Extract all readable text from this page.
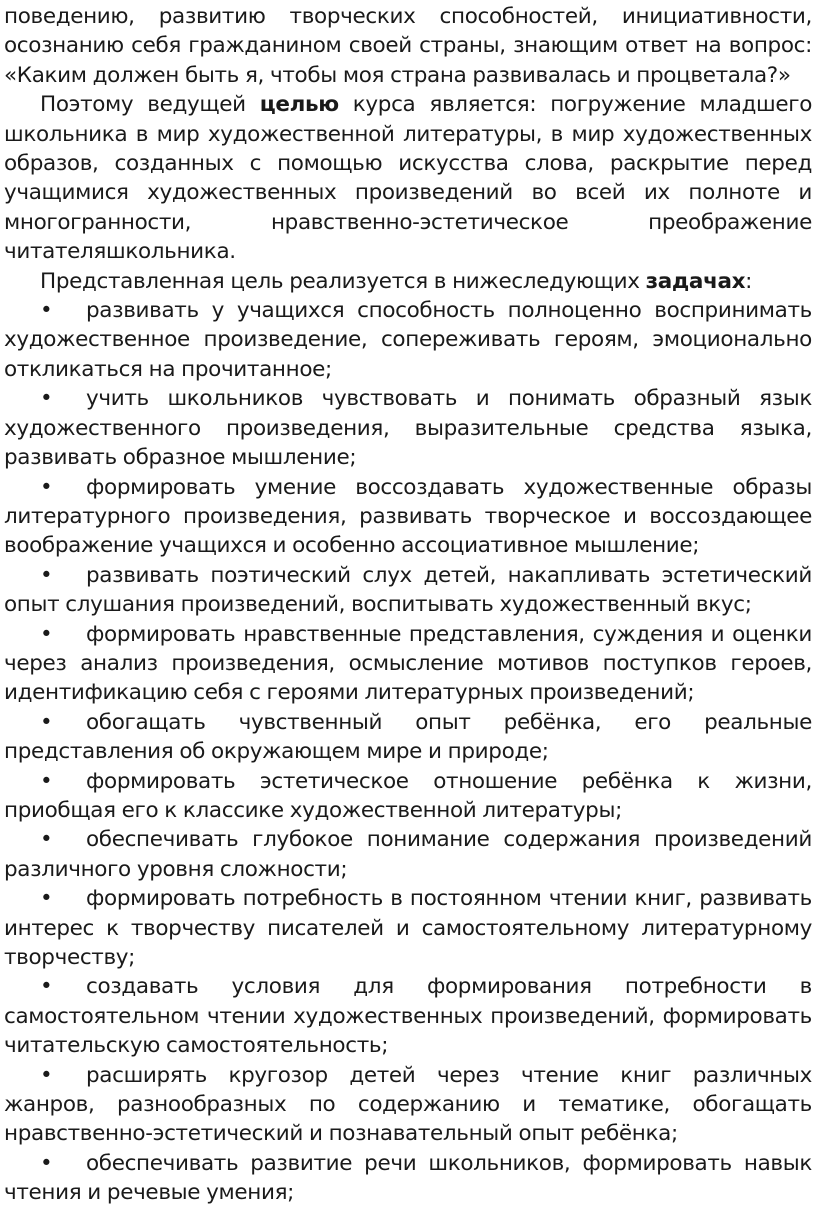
поведению, развитию творческих способностей, инициативности, осознанию себя гражданином своей страны, знающим ответ на вопрос: «Каким должен быть я, чтобы моя страна развивалась и процветала?»

Поэтому ведущей целью курса является: погружение младшего школьника в мир художественной литературы, в мир художественных образов, созданных с помощью искусства слова, раскрытие перед учащимися художественных произведений во всей их полноте и многогранности, нравственно-эстетическое преображение читателяшкольника.

Представленная цель реализуется в нижеследующих задачах:

• развивать у учащихся способность полноценно воспринимать художественное произведение, сопереживать героям, эмоционально откликаться на прочитанное;

• учить школьников чувствовать и понимать образный язык художественного произведения, выразительные средства языка, развивать образное мышление;

• формировать умение воссоздавать художественные образы литературного произведения, развивать творческое и воссоздающее воображение учащихся и особенно ассоциативное мышление;

• развивать поэтический слух детей, накапливать эстетический опыт слушания произведений, воспитывать художественный вкус;

• формировать нравственные представления, суждения и оценки через анализ произведения, осмысление мотивов поступков героев, идентификацию себя с героями литературных произведений;

• обогащать чувственный опыт ребёнка, его реальные представления об окружающем мире и природе;

• формировать эстетическое отношение ребёнка к жизни, приобщая его к классике художественной литературы;

• обеспечивать глубокое понимание содержания произведений различного уровня сложности;

• формировать потребность в постоянном чтении книг, развивать интерес к творчеству писателей и самостоятельному литературному творчеству;

• создавать условия для формирования потребности в самостоятельном чтении художественных произведений, формировать читательскую самостоятельность;

• расширять кругозор детей через чтение книг различных жанров, разнообразных по содержанию и тематике, обогащать нравственно-эстетический и познавательный опыт ребёнка;

• обеспечивать развитие речи школьников, формировать навык чтения и речевые умения;
